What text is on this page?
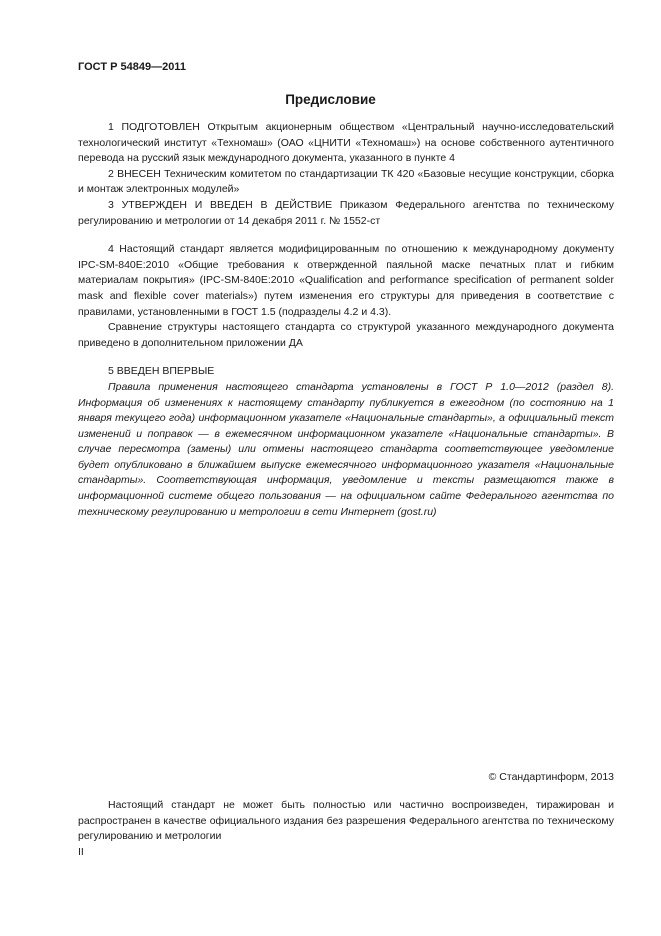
ГОСТ Р 54849—2011
Предисловие

1 ПОДГОТОВЛЕН Открытым акционерным обществом «Центральный научно-исследовательский технологический институт «Техномаш» (ОАО «ЦНИТИ «Техномаш») на основе собственного аутентичного перевода на русский язык международного документа, указанного в пункте 4

2 ВНЕСЕН Техническим комитетом по стандартизации ТК 420 «Базовые несущие конструкции, сборка и монтаж электронных модулей»

3 УТВЕРЖДЕН И ВВЕДЕН В ДЕЙСТВИЕ Приказом Федерального агентства по техническому регулированию и метрологии от 14 декабря 2011 г. № 1552-ст

4 Настоящий стандарт является модифицированным по отношению к международному документу IPC-SM-840E:2010 «Общие требования к отвержденной паяльной маске печатных плат и гибким материалам покрытия» (IPC-SM-840E:2010 «Qualification and performance specification of permanent solder mask and flexible cover materials») путем изменения его структуры для приведения в соответствие с правилами, установленными в ГОСТ 1.5 (подразделы 4.2 и 4.3).

Сравнение структуры настоящего стандарта со структурой указанного международного документа приведено в дополнительном приложении ДА

5 ВВЕДЕН ВПЕРВЫЕ

Правила применения настоящего стандарта установлены в ГОСТ Р 1.0—2012 (раздел 8). Информация об изменениях к настоящему стандарту публикуется в ежегодном (по состоянию на 1 января текущего года) информационном указателе «Национальные стандарты», а официальный текст изменений и поправок — в ежемесячном информационном указателе «Национальные стандарты». В случае пересмотра (замены) или отмены настоящего стандарта соответствующее уведомление будет опубликовано в ближайшем выпуске ежемесячного информационного указателя «Национальные стандарты». Соответствующая информация, уведомление и тексты размещаются также в информационной системе общего пользования — на официальном сайте Федерального агентства по техническому регулированию и метрологии в сети Интернет (gost.ru)

© Стандартинформ, 2013

Настоящий стандарт не может быть полностью или частично воспроизведен, тиражирован и распространен в качестве официального издания без разрешения Федерального агентства по техническому регулированию и метрологии

II
